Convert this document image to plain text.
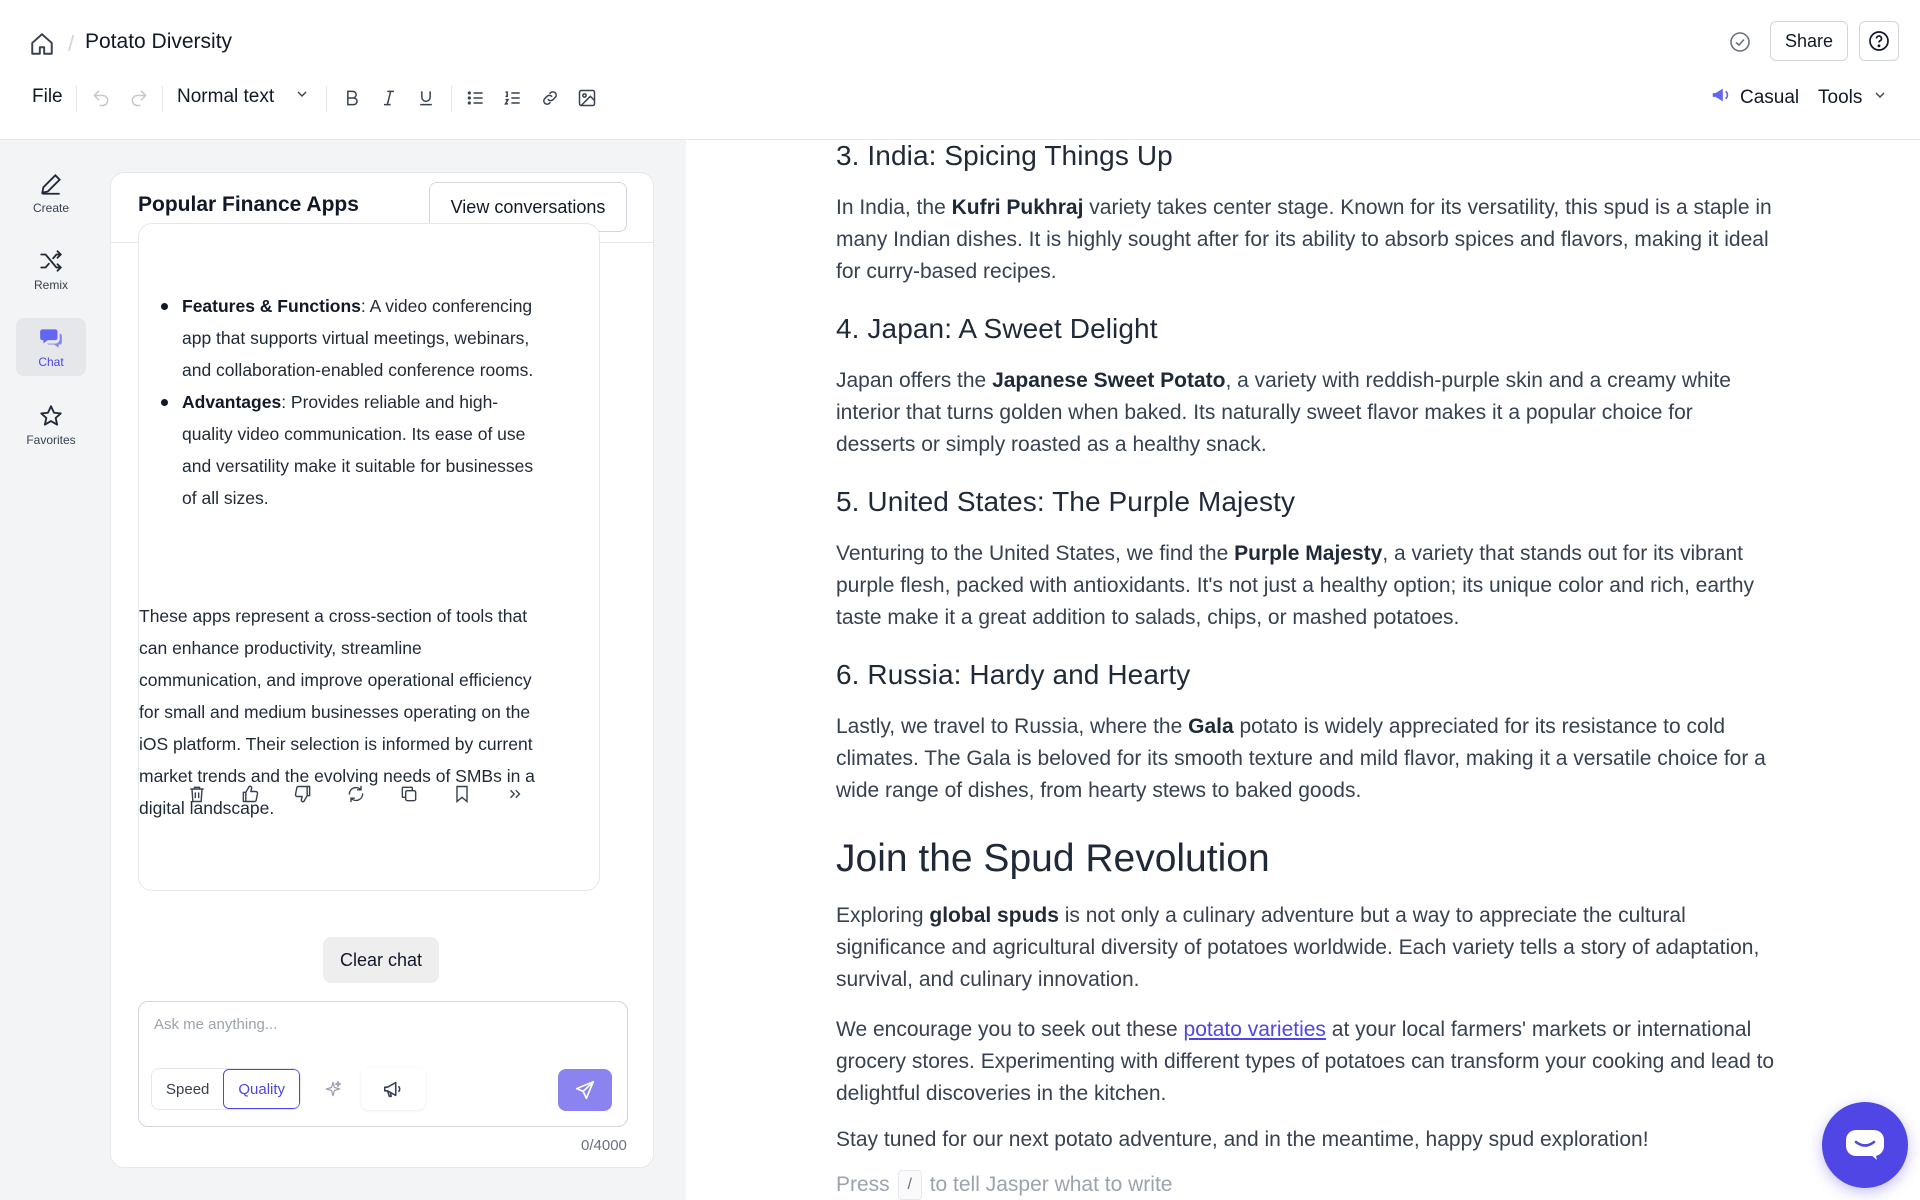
/ Potato Diversity	Share
File	Normal text	Casual Tools
Create
Remix
Chat
Favorites
Popular Finance Apps	View conversations
Features & Functions: A video conferencing app that supports virtual meetings, webinars, and collaboration-enabled conference rooms.
Advantages: Provides reliable and high-quality video communication. Its ease of use and versatility make it suitable for businesses of all sizes.

These apps represent a cross-section of tools that can enhance productivity, streamline communication, and improve operational efficiency for small and medium businesses operating on the iOS platform. Their selection is informed by current market trends and the evolving needs of SMBs in a digital landscape.

Clear chat
Ask me anything...
Speed	Quality
0/4000
3. India: Spicing Things Up

In India, the Kufri Pukhraj variety takes center stage. Known for its versatility, this spud is a staple in many Indian dishes. It is highly sought after for its ability to absorb spices and flavors, making it ideal for curry-based recipes.

4. Japan: A Sweet Delight

Japan offers the Japanese Sweet Potato, a variety with reddish-purple skin and a creamy white interior that turns golden when baked. Its naturally sweet flavor makes it a popular choice for desserts or simply roasted as a healthy snack.

5. United States: The Purple Majesty

Venturing to the United States, we find the Purple Majesty, a variety that stands out for its vibrant purple flesh, packed with antioxidants. It's not just a healthy option; its unique color and rich, earthy taste make it a great addition to salads, chips, or mashed potatoes.

6. Russia: Hardy and Hearty

Lastly, we travel to Russia, where the Gala potato is widely appreciated for its resistance to cold climates. The Gala is beloved for its smooth texture and mild flavor, making it a versatile choice for a wide range of dishes, from hearty stews to baked goods.

Join the Spud Revolution

Exploring global spuds is not only a culinary adventure but a way to appreciate the cultural significance and agricultural diversity of potatoes worldwide. Each variety tells a story of adaptation, survival, and culinary innovation.

We encourage you to seek out these potato varieties at your local farmers' markets or international grocery stores. Experimenting with different types of potatoes can transform your cooking and lead to delightful discoveries in the kitchen.

Stay tuned for our next potato adventure, and in the meantime, happy spud exploration!

Press	/ to tell Jasper what to write
